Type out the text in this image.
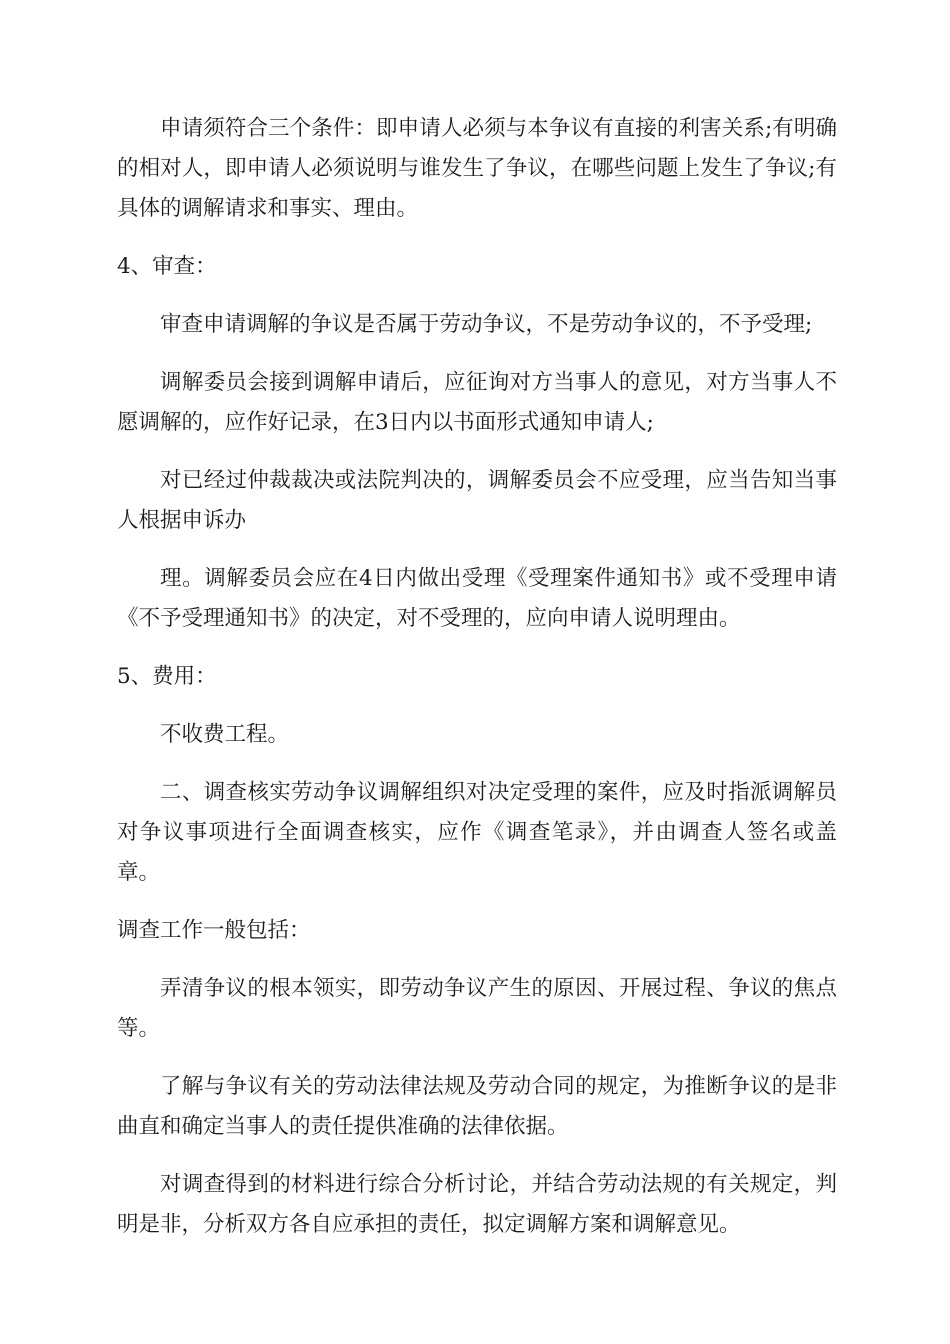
申请须符合三个条件：即申请人必须与本争议有直接的利害关系;有明确的相对人，即申请人必须说明与谁发生了争议，在哪些问题上发生了争议;有具体的调解请求和事实、理由。

4、审查：

审查申请调解的争议是否属于劳动争议，不是劳动争议的，不予受理;

调解委员会接到调解申请后，应征询对方当事人的意见，对方当事人不愿调解的，应作好记录，在3日内以书面形式通知申请人;

对已经过仲裁裁决或法院判决的，调解委员会不应受理，应当告知当事人根据申诉办

理。调解委员会应在4日内做出受理《受理案件通知书》或不受理申请《不予受理通知书》的决定，对不受理的，应向申请人说明理由。

5、费用：

不收费工程。

二、调查核实劳动争议调解组织对决定受理的案件，应及时指派调解员对争议事项进行全面调查核实，应作《调查笔录》，并由调查人签名或盖章。

调查工作一般包括：

弄清争议的根本领实，即劳动争议产生的原因、开展过程、争议的焦点等。

了解与争议有关的劳动法律法规及劳动合同的规定，为推断争议的是非曲直和确定当事人的责任提供准确的法律依据。

对调查得到的材料进行综合分析讨论，并结合劳动法规的有关规定，判明是非，分析双方各自应承担的责任，拟定调解方案和调解意见。
